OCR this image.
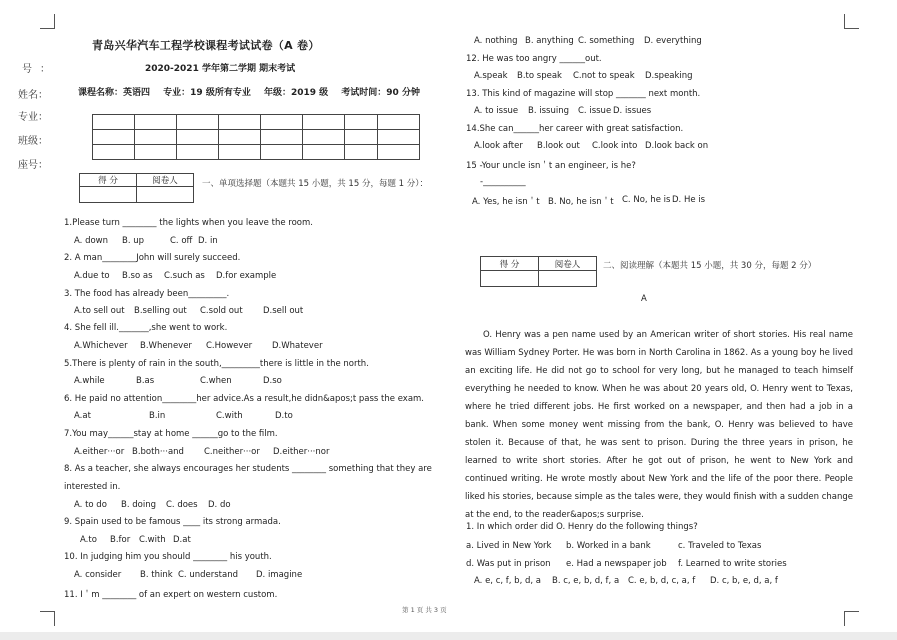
号 ：
姓名：
专业：
班级：
座号：
青岛兴华汽车工程学校课程考试试卷（A 卷）
2020-2021 学年第二学期 期末考试
课程名称：英语四 专业：19 级所有专业 年级：2019 级 考试时间：90 分钟

得 分	阅卷人
		一、单项选择题（本题共 15 小题，共 15 分，每题 1 分）：
1.Please turn ________ the lights when you leave the room.
A. down B. up	C. off D. in
2. A man________John will surely succeed.
A.due to B.so as C.such as D.for example
3. The food has already been_________.
A.to sell out B.selling out C.sold out D.sell out
4. She fell ill._______,she went to work.
A.Whichever B.Whenever C.However D.Whatever
5.There is plenty of rain in the south,_________there is little in the north.
A.while	B.as	C.when	D.so
6. He paid no attention________her advice.As a result,he didn&apos;t pass the exam.
A.at	B.in	C.with	D.to
7.You may______stay at home ______go to the film.
A.either···or B.both···and C.neither···or D.either···nor
8. As a teacher, she always encourages her students ________ something that they are
interested in.
A. to do B. doing C. does D. do
9. Spain used to be famous ____ its strong armada.
A.to B.for C.with D.at
10. In judging him you should ________ his youth.
A. consider B. think C. understand D. imagine
11. I＇m ________ of an expert on western custom.
A. nothing B. anything C. something D. everything
12. He was too angry ______out.
A.speak B.to speak C.not to speak D.speaking
13. This kind of magazine will stop _______ next month.
A. to issue B. issuing C. issue D. issues
14.She can______her career with great satisfaction.
A.look after B.look out C.look into D.look back on
15 -Your uncle isn＇t an engineer, is he?
-__________
A. Yes, he isn＇t B. No, he isn＇t C. No, he is D. He is
得 分	阅卷人
		二、阅读理解（本题共 15 小题，共 30 分，每题 2 分）
A
O. Henry was a pen name used by an American writer of short stories. His real name was William Sydney Porter. He was born in North Carolina in 1862. As a young boy he lived an exciting life. He did not go to school for very long, but he managed to teach himself everything he needed to know. When he was about 20 years old, O. Henry went to Texas, where he tried different jobs. He first worked on a newspaper, and then had a job in a bank. When some money went missing from the bank, O. Henry was believed to have stolen it. Because of that, he was sent to prison. During the three years in prison, he learned to write short stories. After he got out of prison, he went to New York and continued writing. He wrote mostly about New York and the life of the poor there. People liked his stories, because simple as the tales were, they would finish with a sudden change at the end, to the reader&apos;s surprise.
1. In which order did O. Henry do the following things?
a. Lived in New York b. Worked in a bank	c. Traveled to Texas
d. Was put in prison e. Had a newspaper job f. Learned to write stories
A. e, c, f, b, d, a B. c, e, b, d, f, a C. e, b, d, c, a, f D. c, b, e, d, a, f
第 1 页 共 3 页
